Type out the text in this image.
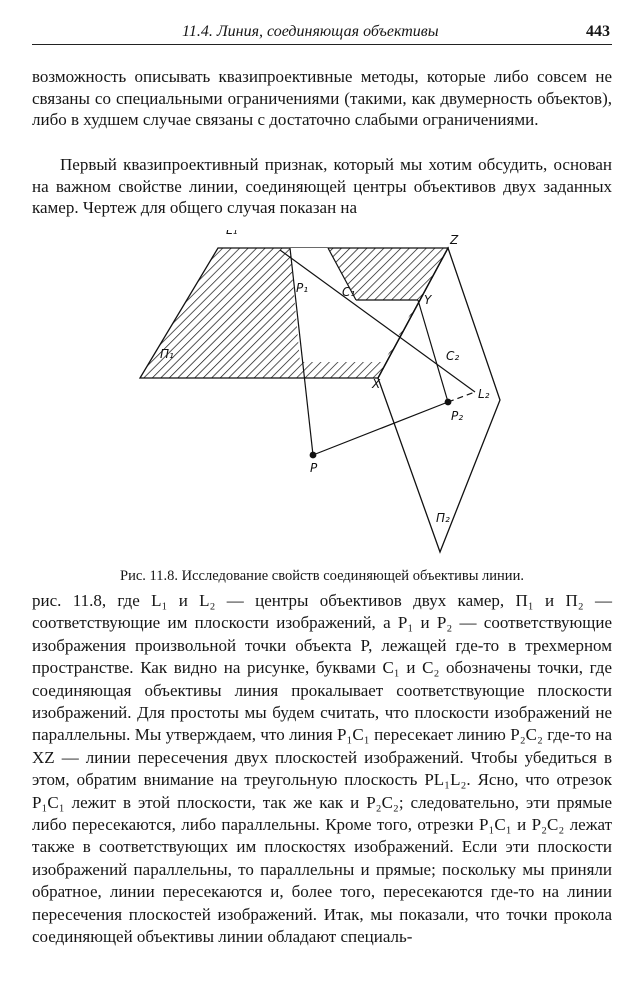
11.4. Линия, соединяющая объективы	443

возможность описывать квазипроективные методы, которые либо совсем не связаны со специальными ограничениями (такими, как двумерность объектов), либо в худшем случае связаны с достаточно слабыми ограничениями.

Первый квазипроективный признак, который мы хотим обсудить, основан на важном свойстве линии, соединяющей центры объективов двух заданных камер. Чертеж для общего случая показан на

L₁
Z
Y
P₁	C₁
C₂
X
L₂
P₂
P
Π₁
Π₂
Рис. 11.8. Исследование свойств соединяющей объективы линии.

рис. 11.8, где L₁ и L₂ — центры объективов двух камер, Π₁ и Π₂ — соответствующие им плоскости изображений, а P₁ и P₂ — соответствующие изображения произвольной точки объекта P, лежащей где-то в трехмерном пространстве. Как видно на рисунке, буквами C₁ и C₂ обозначены точки, где соединяющая объективы линия прокалывает соответствующие плоскости изображений. Для простоты мы будем считать, что плоскости изображений не параллельны. Мы утверждаем, что линия P₁C₁ пересекает линию P₂C₂ где-то на XZ — линии пересечения двух плоскостей изображений. Чтобы убедиться в этом, обратим внимание на треугольную плоскость PL₁L₂. Ясно, что отрезок P₁C₁ лежит в этой плоскости, так же как и P₂C₂; следовательно, эти прямые либо пересекаются, либо параллельны. Кроме того, отрезки P₁C₁ и P₂C₂ лежат также в соответствующих им плоскостях изображений. Если эти плоскости изображений параллельны, то параллельны и прямые; поскольку мы приняли обратное, линии пересекаются и, более того, пересекаются где-то на линии пересечения плоскостей изображений. Итак, мы показали, что точки прокола соединяющей объективы линии обладают специаль-
